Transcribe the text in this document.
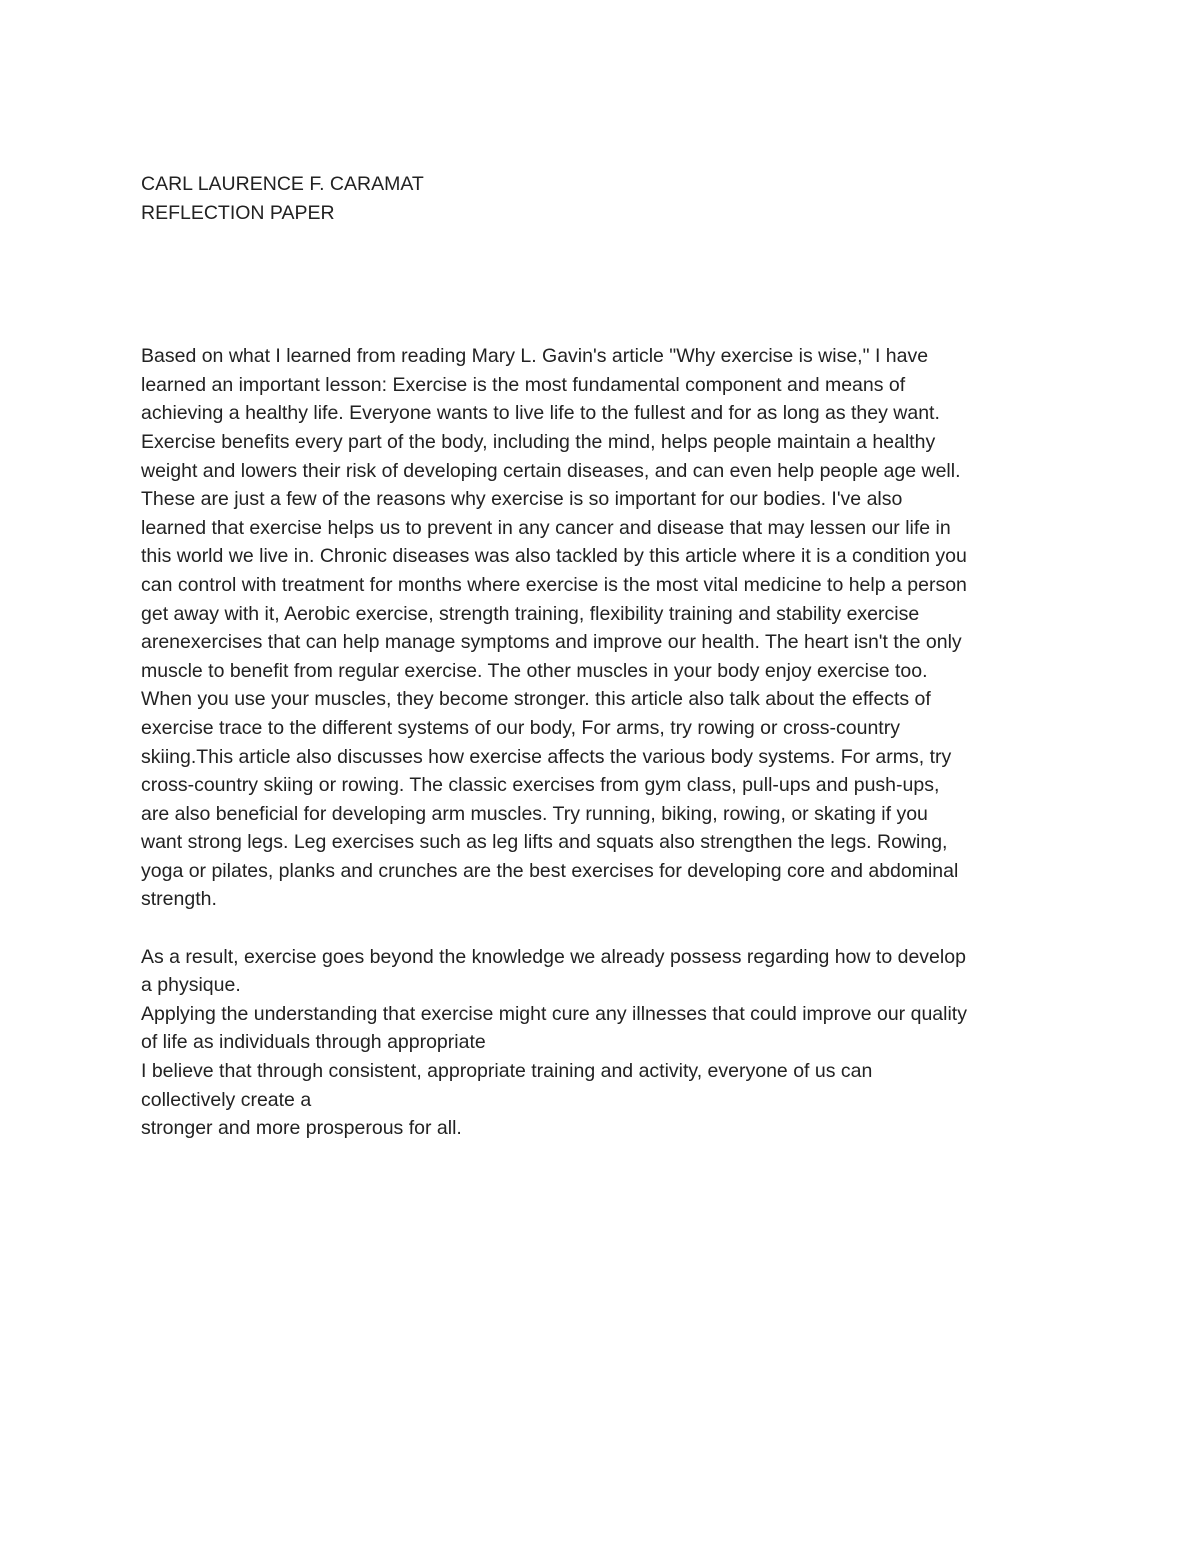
CARL LAURENCE F. CARAMAT
REFLECTION PAPER
Based on what I learned from reading Mary L. Gavin's article "Why exercise is wise," I have
learned an important lesson: Exercise is the most fundamental component and means of
achieving a healthy life. Everyone wants to live life to the fullest and for as long as they want.
Exercise benefits every part of the body, including the mind, helps people maintain a healthy
weight and lowers their risk of developing certain diseases, and can even help people age well.
These are just a few of the reasons why exercise is so important for our bodies. I've also
learned that exercise helps us to prevent in any cancer and disease that may lessen our life in
this world we live in. Chronic diseases was also tackled by this article where it is a condition you
can control with treatment for months where exercise is the most vital medicine to help a person
get away with it, Aerobic exercise, strength training, flexibility training and stability exercise
arenexercises that can help manage symptoms and improve our health. The heart isn't the only
muscle to benefit from regular exercise. The other muscles in your body enjoy exercise too.
When you use your muscles, they become stronger. this article also talk about the effects of
exercise trace to the different systems of our body, For arms, try rowing or cross-country
skiing.This article also discusses how exercise affects the various body systems. For arms, try
cross-country skiing or rowing. The classic exercises from gym class, pull-ups and push-ups,
are also beneficial for developing arm muscles. Try running, biking, rowing, or skating if you
want strong legs. Leg exercises such as leg lifts and squats also strengthen the legs. Rowing,
yoga or pilates, planks and crunches are the best exercises for developing core and abdominal
strength.
As a result, exercise goes beyond the knowledge we already possess regarding how to develop
a physique.
Applying the understanding that exercise might cure any illnesses that could improve our quality
of life as individuals through appropriate
I believe that through consistent, appropriate training and activity, everyone of us can
collectively create a
stronger and more prosperous for all.
